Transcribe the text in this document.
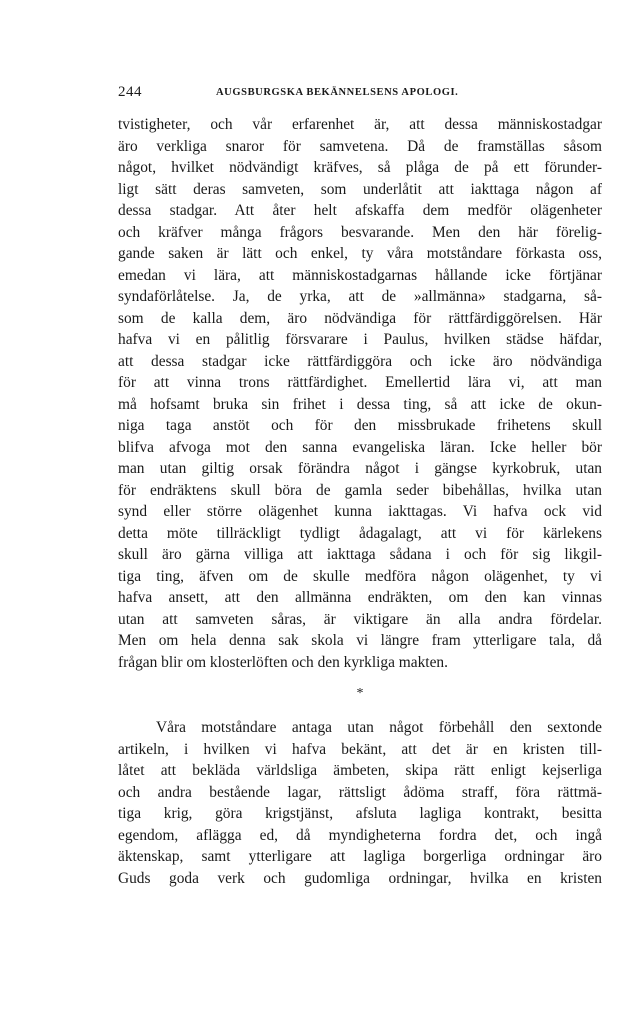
244	AUGSBURGSKA BEKÄNNELSENS APOLOGI.
tvistigheter, och vår erfarenhet är, att dessa människostadgar
äro verkliga snaror för samvetena. Då de framställas såsom
något, hvilket nödvändigt kräfves, så plåga de på ett förunder-
ligt sätt deras samveten, som underlåtit att iakttaga någon af
dessa stadgar. Att åter helt afskaffa dem medför olägenheter
och kräfver många frågors besvarande. Men den här förelig-
gande saken är lätt och enkel, ty våra motståndare förkasta oss,
emedan vi lära, att människostadgarnas hållande icke förtjänar
syndaförlåtelse. Ja, de yrka, att de »allmänna» stadgarna, så-
som de kalla dem, äro nödvändiga för rättfärdiggörelsen. Här
hafva vi en pålitlig försvarare i Paulus, hvilken städse häfdar,
att dessa stadgar icke rättfärdiggöra och icke äro nödvändiga
för att vinna trons rättfärdighet. Emellertid lära vi, att man
må hofsamt bruka sin frihet i dessa ting, så att icke de okun-
niga taga anstöt och för den missbrukade frihetens skull
blifva afvoga mot den sanna evangeliska läran. Icke heller bör
man utan giltig orsak förändra något i gängse kyrkobruk, utan
för endräktens skull böra de gamla seder bibehållas, hvilka utan
synd eller större olägenhet kunna iakttagas. Vi hafva ock vid
detta möte tillräckligt tydligt ådagalagt, att vi för kärlekens
skull äro gärna villiga att iakttaga sådana i och för sig likgil-
tiga ting, äfven om de skulle medföra någon olägenhet, ty vi
hafva ansett, att den allmänna endräkten, om den kan vinnas
utan att samveten såras, är viktigare än alla andra fördelar.
Men om hela denna sak skola vi längre fram ytterligare tala, då
frågan blir om klosterlöften och den kyrkliga makten.
*
Våra motståndare antaga utan något förbehåll den sextonde
artikeln, i hvilken vi hafva bekänt, att det är en kristen till-
låtet att bekläda världsliga ämbeten, skipa rätt enligt kejserliga
och andra bestående lagar, rättsligt ådöma straff, föra rättmä-
tiga krig, göra krigstjänst, afsluta lagliga kontrakt, besitta
egendom, aflägga ed, då myndigheterna fordra det, och ingå
äktenskap, samt ytterligare att lagliga borgerliga ordningar äro
Guds goda verk och gudomliga ordningar, hvilka en kristen
